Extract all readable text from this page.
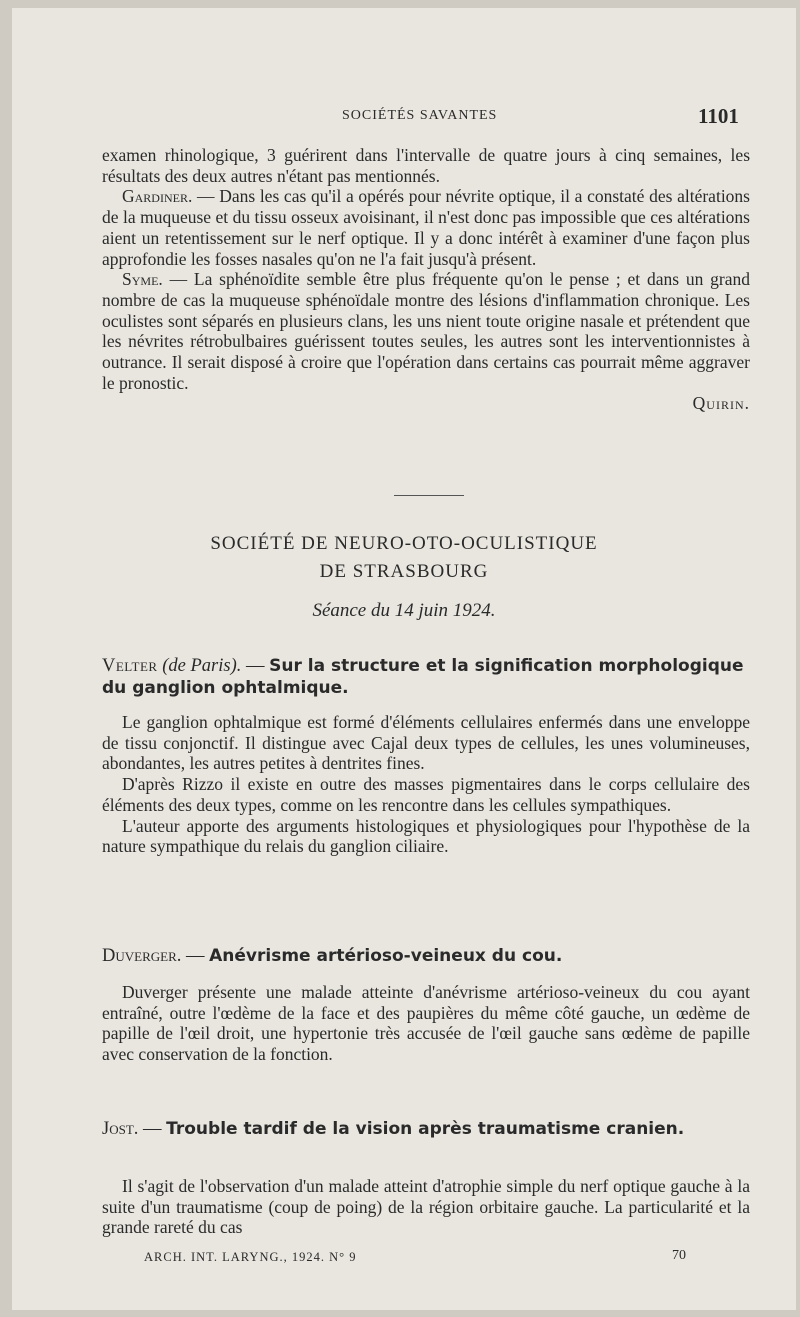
SOCIÉTÉS SAVANTES	1101

examen rhinologique, 3 guérirent dans l'intervalle de quatre jours à cinq semaines, les résultats des deux autres n'étant pas mentionnés.

Gardiner. — Dans les cas qu'il a opérés pour névrite optique, il a constaté des altérations de la muqueuse et du tissu osseux avoisinant, il n'est donc pas impossible que ces altérations aient un retentissement sur le nerf optique. Il y a donc intérêt à examiner d'une façon plus approfondie les fosses nasales qu'on ne l'a fait jusqu'à présent.

Syme. — La sphénoïdite semble être plus fréquente qu'on le pense ; et dans un grand nombre de cas la muqueuse sphénoïdale montre des lésions d'inflammation chronique. Les oculistes sont séparés en plusieurs clans, les uns nient toute origine nasale et prétendent que les névrites rétrobulbaires guérissent toutes seules, les autres sont les interventionnistes à outrance. Il serait disposé à croire que l'opération dans certains cas pourrait même aggraver le pronostic.

Quirin.

SOCIÉTÉ DE NEURO-OTO-OCULISTIQUE
DE STRASBOURG
Séance du 14 juin 1924.
Velter (de Paris). — Sur la structure et la signification morphologique du ganglion ophtalmique.

Le ganglion ophtalmique est formé d'éléments cellulaires enfermés dans une enveloppe de tissu conjonctif. Il distingue avec Cajal deux types de cellules, les unes volumineuses, abondantes, les autres petites à dentrites fines.

D'après Rizzo il existe en outre des masses pigmentaires dans le corps cellulaire des éléments des deux types, comme on les rencontre dans les cellules sympathiques.

L'auteur apporte des arguments histologiques et physiologiques pour l'hypothèse de la nature sympathique du relais du ganglion ciliaire.

Duverger. — Anévrisme artérioso-veineux du cou.

Duverger présente une malade atteinte d'anévrisme artérioso-veineux du cou ayant entraîné, outre l'œdème de la face et des paupières du même côté gauche, un œdème de papille de l'œil droit, une hypertonie très accusée de l'œil gauche sans œdème de papille avec conservation de la fonction.

Jost. — Trouble tardif de la vision après traumatisme cranien.

Il s'agit de l'observation d'un malade atteint d'atrophie simple du nerf optique gauche à la suite d'un traumatisme (coup de poing) de la région orbitaire gauche. La particularité et la grande rareté du cas

ARCH. INT. LARYNG., 1924. N° 9	70
